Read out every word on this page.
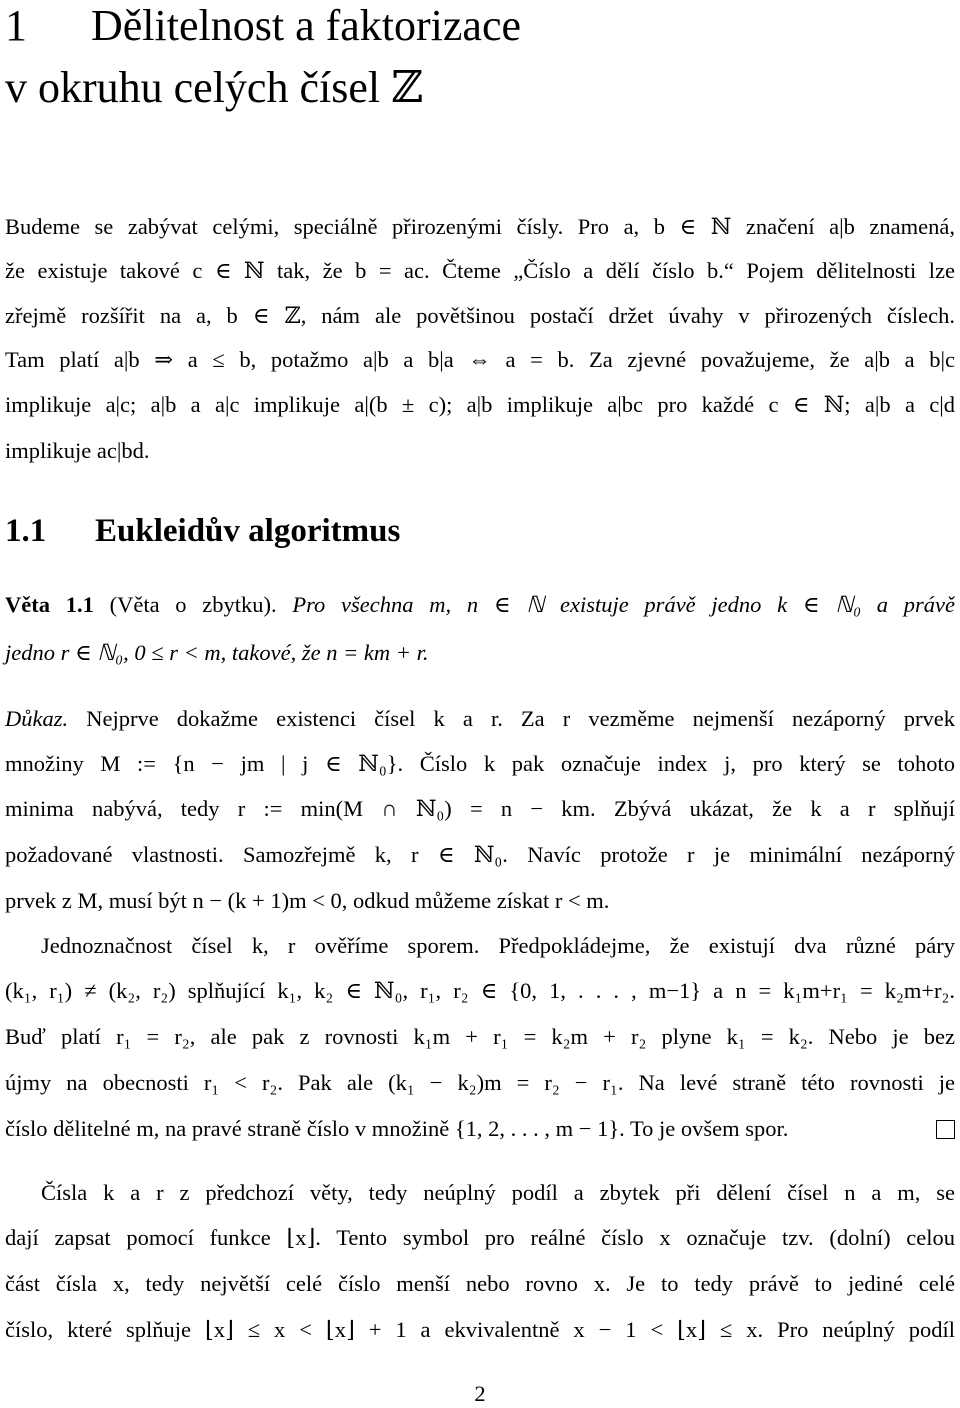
1 Dělitelnost a faktorizace
v okruhu celých čísel ℤ
Budeme se zabývat celými, speciálně přirozenými čísly. Pro a, b ∈ ℕ značení a|b znamená,
že existuje takové c ∈ ℕ tak, že b = ac. Čteme „Číslo a dělí číslo b.“ Pojem dělitelnosti lze
zřejmě rozšířit na a, b ∈ ℤ, nám ale povětšinou postačí držet úvahy v přirozených číslech.
Tam platí a|b ⇒ a ≤ b, potažmo a|b a b|a ⇔ a = b. Za zjevné považujeme, že a|b a b|c
implikuje a|c; a|b a a|c implikuje a|(b ± c); a|b implikuje a|bc pro každé c ∈ ℕ; a|b a c|d
implikuje ac|bd.
1.1 Eukleidův algoritmus
Věta 1.1 (Věta o zbytku). Pro všechna m, n ∈ ℕ existuje právě jedno k ∈ ℕ₀ a právě
jedno r ∈ ℕ₀, 0 ≤ r < m, takové, že n = km + r.
Důkaz. Nejprve dokažme existenci čísel k a r. Za r vezměme nejmenší nezáporný prvek
množiny M := {n − jm | j ∈ ℕ₀}. Číslo k pak označuje index j, pro který se tohoto
minima nabývá, tedy r := min(M ∩ ℕ₀) = n − km. Zbývá ukázat, že k a r splňují
požadované vlastnosti. Samozřejmě k, r ∈ ℕ₀. Navíc protože r je minimální nezáporný
prvek z M, musí být n − (k + 1)m < 0, odkud můžeme získat r < m.
Jednoznačnost čísel k, r ověříme sporem. Předpokládejme, že existují dva různé páry
(k₁, r₁) ≠ (k₂, r₂) splňující k₁, k₂ ∈ ℕ₀, r₁, r₂ ∈ {0, 1, . . . , m−1} a n = k₁m+r₁ = k₂m+r₂.
Buď platí r₁ = r₂, ale pak z rovnosti k₁m + r₁ = k₂m + r₂ plyne k₁ = k₂. Nebo je bez
újmy na obecnosti r₁ < r₂. Pak ale (k₁ − k₂)m = r₂ − r₁. Na levé straně této rovnosti je
číslo dělitelné m, na pravé straně číslo v množině {1, 2, . . . , m − 1}. To je ovšem spor.
Čísla k a r z předchozí věty, tedy neúplný podíl a zbytek při dělení čísel n a m, se
dají zapsat pomocí funkce ⌊x⌋. Tento symbol pro reálné číslo x označuje tzv. (dolní) celou
část čísla x, tedy největší celé číslo menší nebo rovno x. Je to tedy právě to jediné celé
číslo, které splňuje ⌊x⌋ ≤ x < ⌊x⌋ + 1 a ekvivalentně x − 1 < ⌊x⌋ ≤ x. Pro neúplný podíl
2
